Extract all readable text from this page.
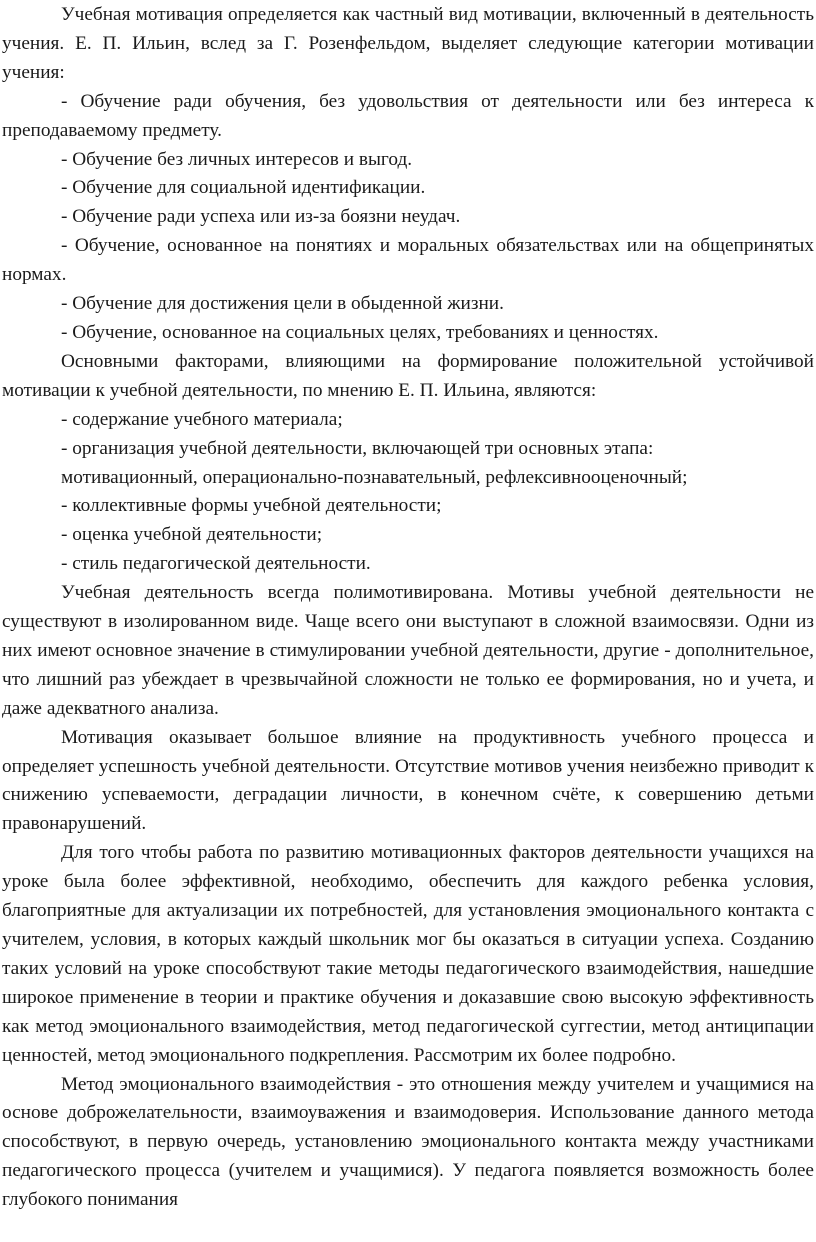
Учебная мотивация определяется как частный вид мотивации, включенный в деятельность учения. Е. П. Ильин, вслед за Г. Розенфельдом, выделяет следующие категории мотивации учения:

- Обучение ради обучения, без удовольствия от деятельности или без интереса к преподаваемому предмету.

- Обучение без личных интересов и выгод.

- Обучение для социальной идентификации.

- Обучение ради успеха или из-за боязни неудач.

- Обучение, основанное на понятиях и моральных обязательствах или на общепринятых нормах.

- Обучение для достижения цели в обыденной жизни.

- Обучение, основанное на социальных целях, требованиях и ценностях.

Основными факторами, влияющими на формирование положительной устойчивой мотивации к учебной деятельности, по мнению Е. П. Ильина, являются:

- содержание учебного материала;

- организация учебной деятельности, включающей три основных этапа:

мотивационный, операционально-познавательный, рефлексивнооценочный;

- коллективные формы учебной деятельности;

- оценка учебной деятельности;

- стиль педагогической деятельности.

Учебная деятельность всегда полимотивирована. Мотивы учебной деятельности не существуют в изолированном виде. Чаще всего они выступают в сложной взаимосвязи. Одни из них имеют основное значение в стимулировании учебной деятельности, другие - дополнительное, что лишний раз убеждает в чрезвычайной сложности не только ее формирования, но и учета, и даже адекватного анализа.

Мотивация оказывает большое влияние на продуктивность учебного процесса и определяет успешность учебной деятельности. Отсутствие мотивов учения неизбежно приводит к снижению успеваемости, деградации личности, в конечном счёте, к совершению детьми правонарушений.

Для того чтобы работа по развитию мотивационных факторов деятельности учащихся на уроке была более эффективной, необходимо, обеспечить для каждого ребенка условия, благоприятные для актуализации их потребностей, для установления эмоционального контакта с учителем, условия, в которых каждый школьник мог бы оказаться в ситуации успеха. Созданию таких условий на уроке способствуют такие методы педагогического взаимодействия, нашедшие широкое применение в теории и практике обучения и доказавшие свою высокую эффективность как метод эмоционального взаимодействия, метод педагогической суггестии, метод антиципации ценностей, метод эмоционального подкрепления. Рассмотрим их более подробно.

Метод эмоционального взаимодействия - это отношения между учителем и учащимися на основе доброжелательности, взаимоуважения и взаимодоверия. Использование данного метода способствуют, в первую очередь, установлению эмоционального контакта между участниками педагогического процесса (учителем и учащимися). У педагога появляется возможность более глубокого понимания
